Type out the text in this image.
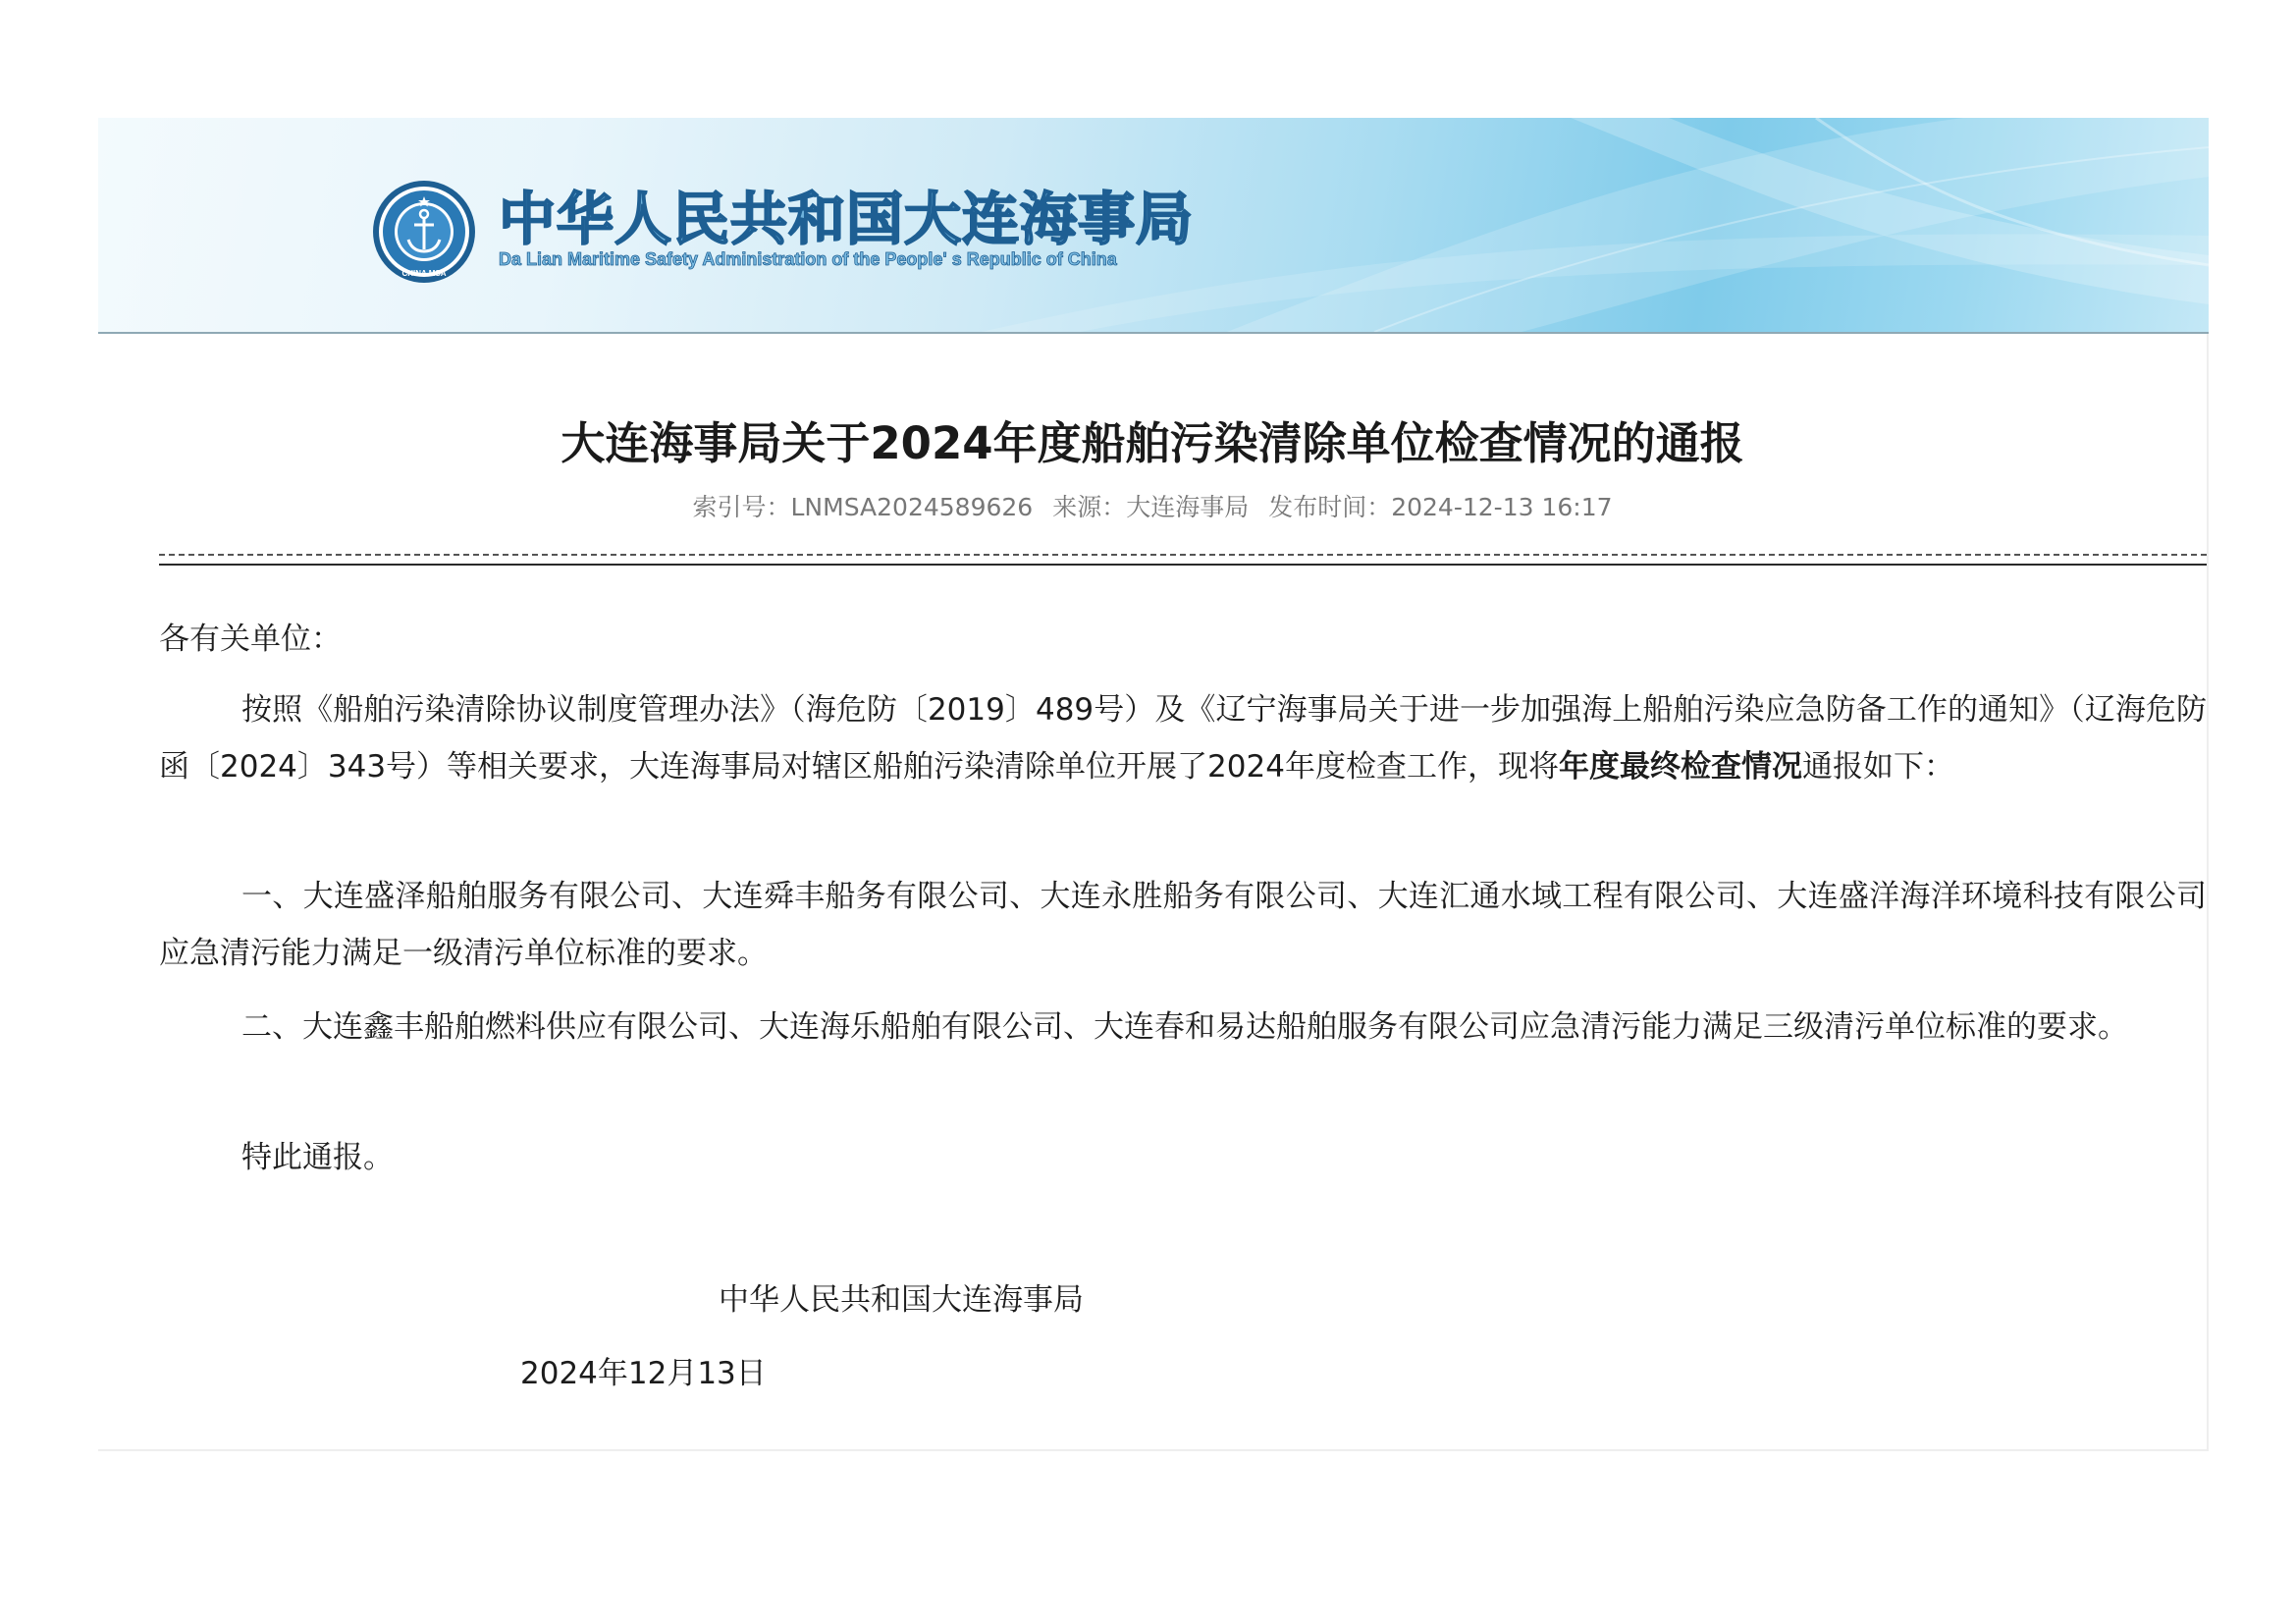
CHINA MSA
中华人民共和国大连海事局
Da Lian Maritime Safety Administration of the People' s Republic of China
大连海事局关于2024年度船舶污染清除单位检查情况的通报
索引号：LNMSA2024589626 来源：大连海事局 发布时间：2024-12-13 16:17
各有关单位：
按照《船舶污染清除协议制度管理办法》（海危防〔2019〕489号）及《辽宁海事局关于进一步加强海上船舶污染应急防备工作的通知》（辽海危防函〔2024〕343号）等相关要求，大连海事局对辖区船舶污染清除单位开展了2024年度检查工作，现将年度最终检查情况通报如下：
一、大连盛泽船舶服务有限公司、大连舜丰船务有限公司、大连永胜船务有限公司、大连汇通水域工程有限公司、大连盛洋海洋环境科技有限公司应急清污能力满足一级清污单位标准的要求。
二、大连鑫丰船舶燃料供应有限公司、大连海乐船舶有限公司、大连春和易达船舶服务有限公司应急清污能力满足三级清污单位标准的要求。
特此通报。
中华人民共和国大连海事局
2024年12月13日
